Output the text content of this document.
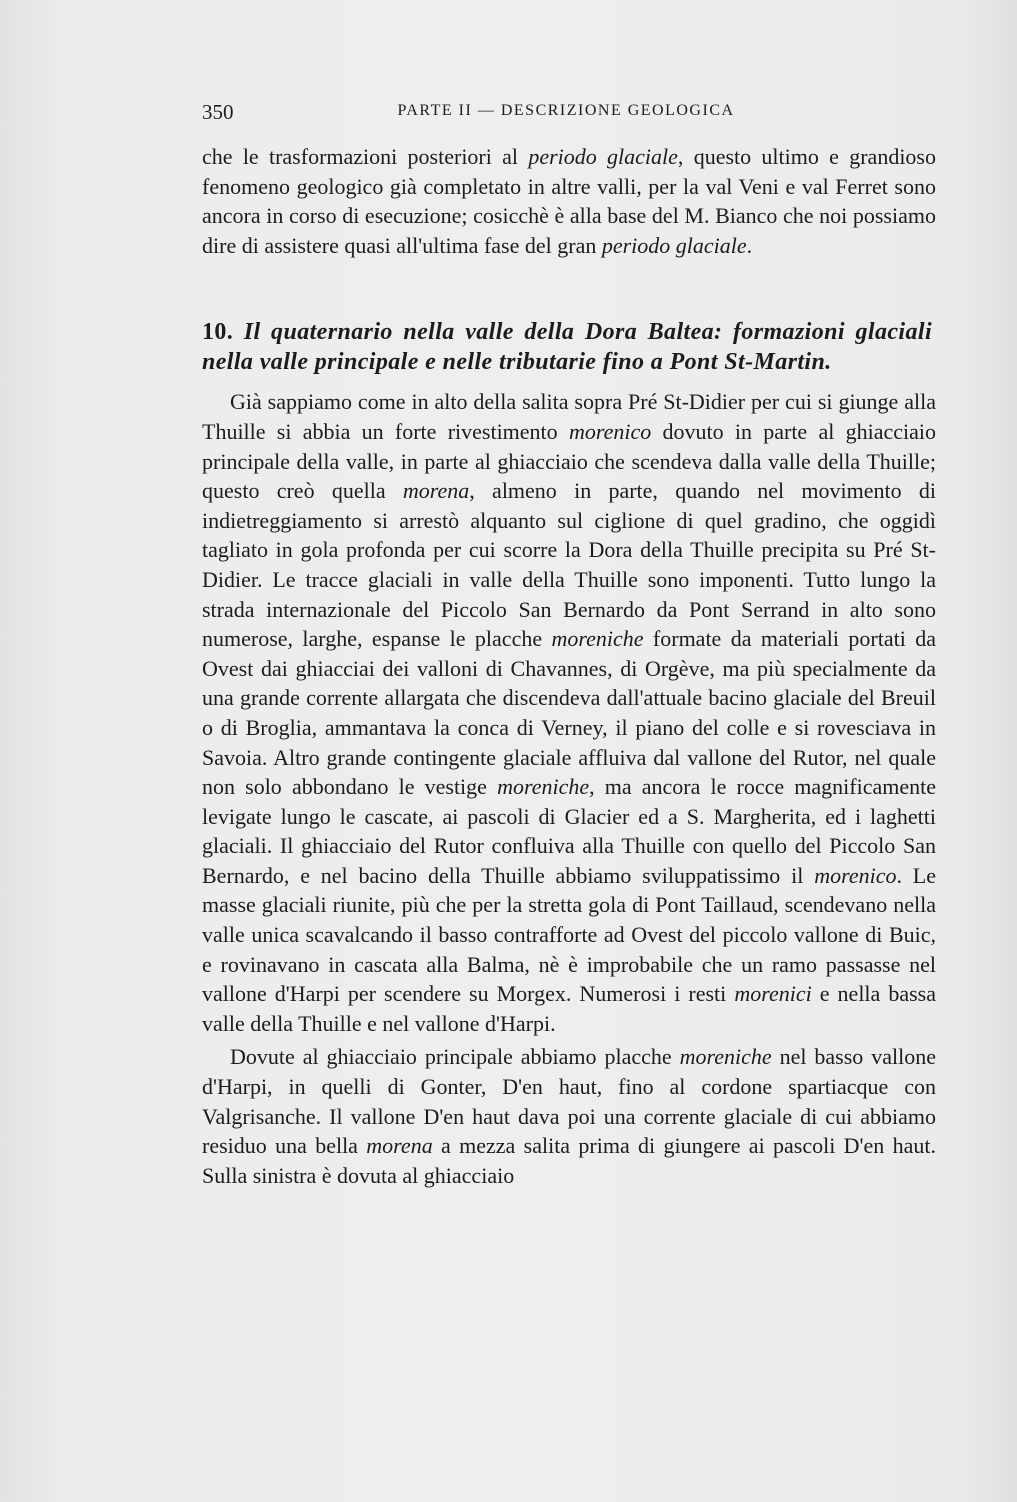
350	PARTE II — DESCRIZIONE GEOLOGICA

che le trasformazioni posteriori al periodo glaciale, questo ultimo e grandioso fenomeno geologico già completato in altre valli, per la val Veni e val Ferret sono ancora in corso di esecuzione; cosicchè è alla base del M. Bianco che noi possiamo dire di assistere quasi all'ultima fase del gran periodo glaciale.

10. Il quaternario nella valle della Dora Baltea: formazioni glaciali nella valle principale e nelle tributarie fino a Pont St-Martin.

Già sappiamo come in alto della salita sopra Pré St-Didier per cui si giunge alla Thuille si abbia un forte rivestimento morenico dovuto in parte al ghiacciaio principale della valle, in parte al ghiacciaio che scendeva dalla valle della Thuille; questo creò quella morena, almeno in parte, quando nel movimento di indietreggiamento si arrestò alquanto sul ciglione di quel gradino, che oggidì tagliato in gola profonda per cui scorre la Dora della Thuille precipita su Pré St-Didier. Le tracce glaciali in valle della Thuille sono imponenti. Tutto lungo la strada internazionale del Piccolo San Bernardo da Pont Serrand in alto sono numerose, larghe, espanse le placche moreniche formate da materiali portati da Ovest dai ghiacciai dei valloni di Chavannes, di Orgève, ma più specialmente da una grande corrente allargata che discendeva dall'attuale bacino glaciale del Breuil o di Broglia, ammantava la conca di Verney, il piano del colle e si rovesciava in Savoia. Altro grande contingente glaciale affluiva dal vallone del Rutor, nel quale non solo abbondano le vestige moreniche, ma ancora le rocce magnificamente levigate lungo le cascate, ai pascoli di Glacier ed a S. Margherita, ed i laghetti glaciali. Il ghiacciaio del Rutor confluiva alla Thuille con quello del Piccolo San Bernardo, e nel bacino della Thuille abbiamo sviluppatissimo il morenico. Le masse glaciali riunite, più che per la stretta gola di Pont Taillaud, scendevano nella valle unica scavalcando il basso contrafforte ad Ovest del piccolo vallone di Buic, e rovinavano in cascata alla Balma, nè è improbabile che un ramo passasse nel vallone d'Harpi per scendere su Morgex. Numerosi i resti morenici e nella bassa valle della Thuille e nel vallone d'Harpi.

Dovute al ghiacciaio principale abbiamo placche moreniche nel basso vallone d'Harpi, in quelli di Gonter, D'en haut, fino al cordone spartiacque con Valgrisanche. Il vallone D'en haut dava poi una corrente glaciale di cui abbiamo residuo una bella morena a mezza salita prima di giungere ai pascoli D'en haut. Sulla sinistra è dovuta al ghiacciaio
